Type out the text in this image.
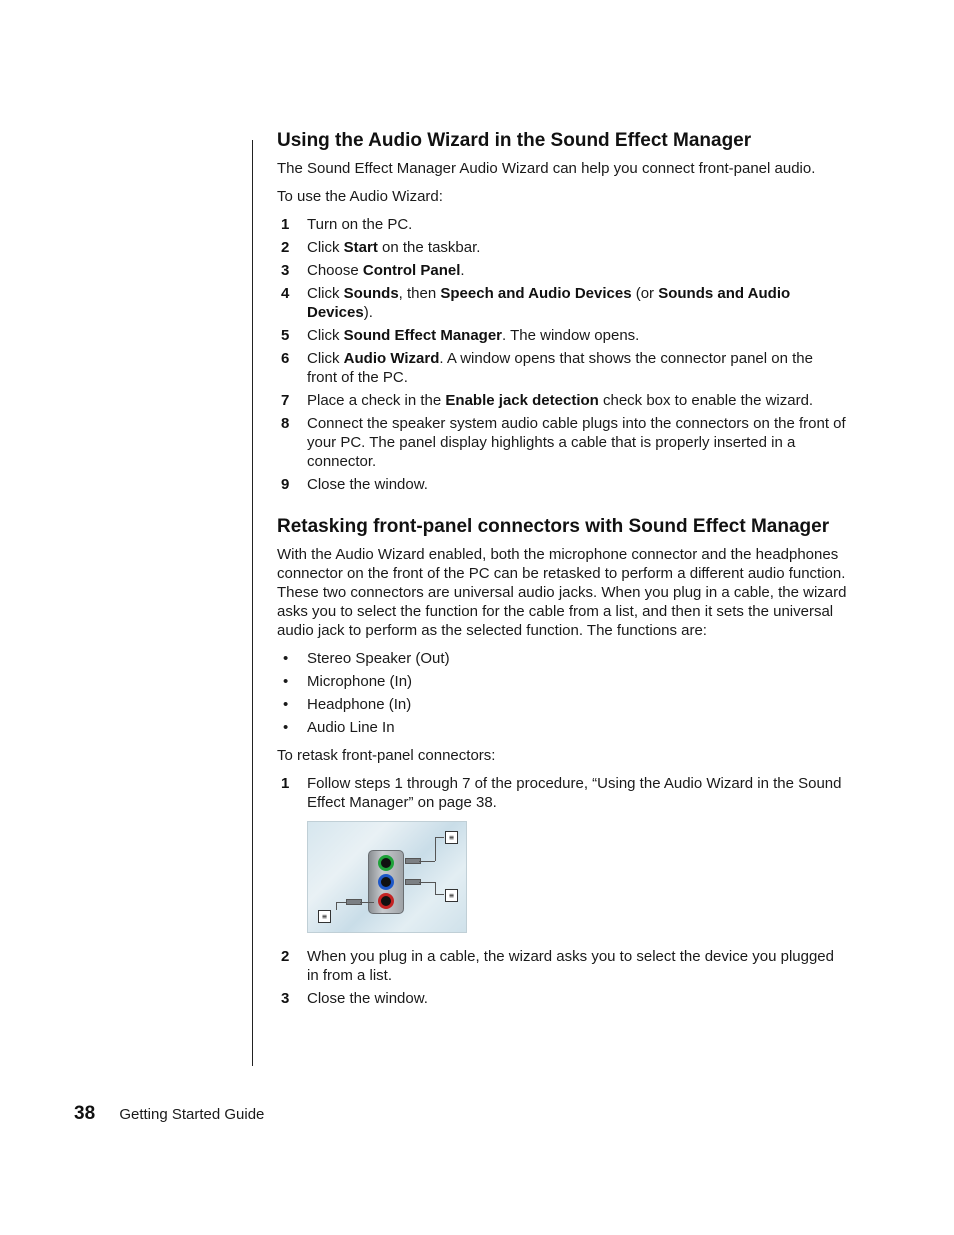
Using the Audio Wizard in the Sound Effect Manager

The Sound Effect Manager Audio Wizard can help you connect front-panel audio.

To use the Audio Wizard:

1 Turn on the PC.
2 Click Start on the taskbar.
3 Choose Control Panel.
4 Click Sounds, then Speech and Audio Devices (or Sounds and Audio Devices).
5 Click Sound Effect Manager. The window opens.
6 Click Audio Wizard. A window opens that shows the connector panel on the front of the PC.
7 Place a check in the Enable jack detection check box to enable the wizard.
8 Connect the speaker system audio cable plugs into the connectors on the front of your PC. The panel display highlights a cable that is properly inserted in a connector.
9 Close the window.
Retasking front-panel connectors with Sound Effect Manager

With the Audio Wizard enabled, both the microphone connector and the headphones connector on the front of the PC can be retasked to perform a different audio function. These two connectors are universal audio jacks. When you plug in a cable, the wizard asks you to select the function for the cable from a list, and then it sets the universal audio jack to perform as the selected function. The functions are:

• Stereo Speaker (Out)
• Microphone (In)
• Headphone (In)
• Audio Line In

To retask front-panel connectors:

1 Follow steps 1 through 7 of the procedure, “Using the Audio Wizard in the Sound Effect Manager” on page 38.
≡
≡
≡
2 When you plug in a cable, the wizard asks you to select the device you plugged in from a list.
3 Close the window.
38 Getting Started Guide
